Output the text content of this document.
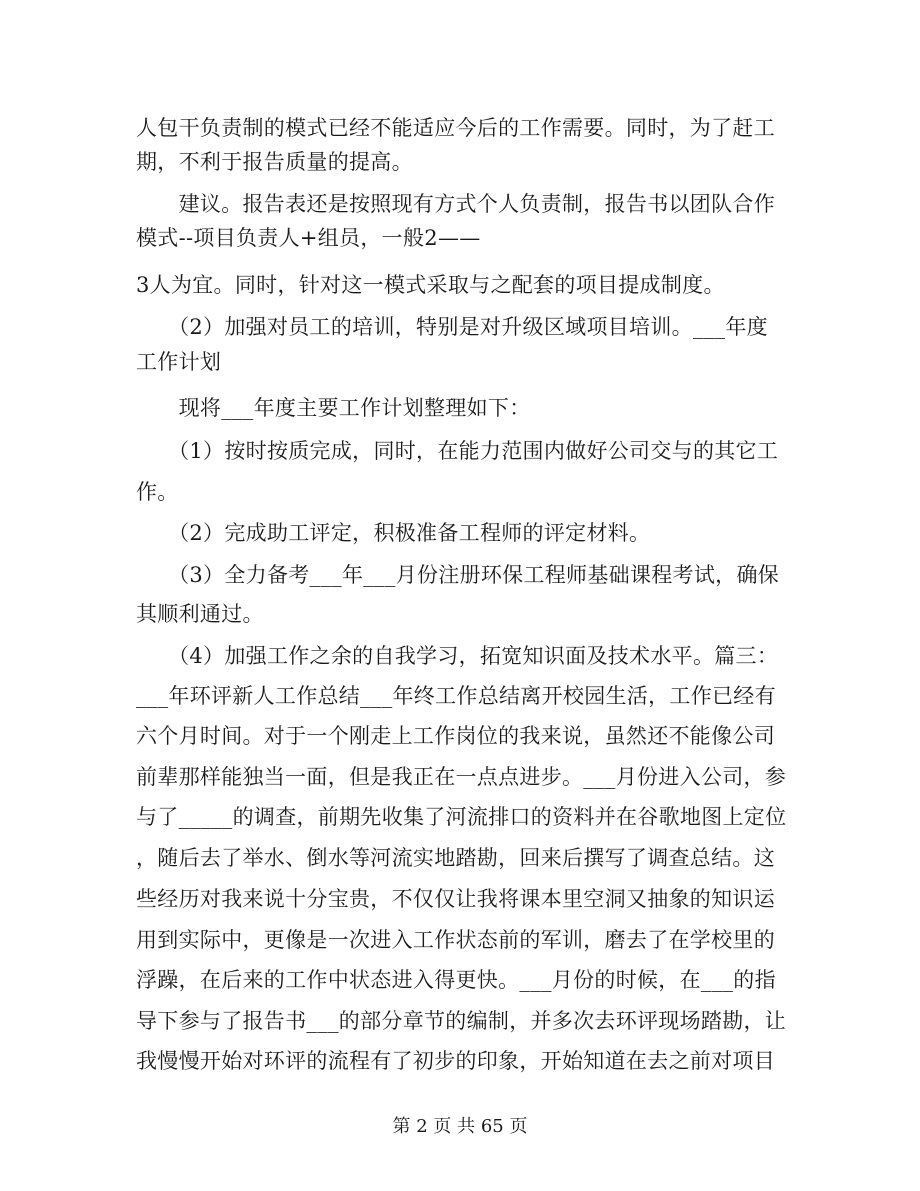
人包干负责制的模式已经不能适应今后的工作需要。同时，为了赶工
期，不利于报告质量的提高。
　　建议。报告表还是按照现有方式个人负责制，报告书以团队合作
模式--项目负责人+组员，一般2——
3人为宜。同时，针对这一模式采取与之配套的项目提成制度。
　　（2）加强对员工的培训，特别是对升级区域项目培训。___年度
工作计划
　　现将___年度主要工作计划整理如下：
　　（1）按时按质完成，同时，在能力范围内做好公司交与的其它工
作。
　　（2）完成助工评定，积极准备工程师的评定材料。
　　（3）全力备考___年___月份注册环保工程师基础课程考试，确保
其顺利通过。
　　（4）加强工作之余的自我学习，拓宽知识面及技术水平。篇三：
___年环评新人工作总结___年终工作总结离开校园生活，工作已经有
六个月时间。对于一个刚走上工作岗位的我来说，虽然还不能像公司
前辈那样能独当一面，但是我正在一点点进步。___月份进入公司，参
与了_____的调查，前期先收集了河流排口的资料并在谷歌地图上定位
，随后去了举水、倒水等河流实地踏勘，回来后撰写了调查总结。这
些经历对我来说十分宝贵，不仅仅让我将课本里空洞又抽象的知识运
用到实际中，更像是一次进入工作状态前的军训，磨去了在学校里的
浮躁，在后来的工作中状态进入得更快。___月份的时候，在___的指
导下参与了报告书___的部分章节的编制，并多次去环评现场踏勘，让
我慢慢开始对环评的流程有了初步的印象，开始知道在去之前对项目
第 2 页 共 65 页
